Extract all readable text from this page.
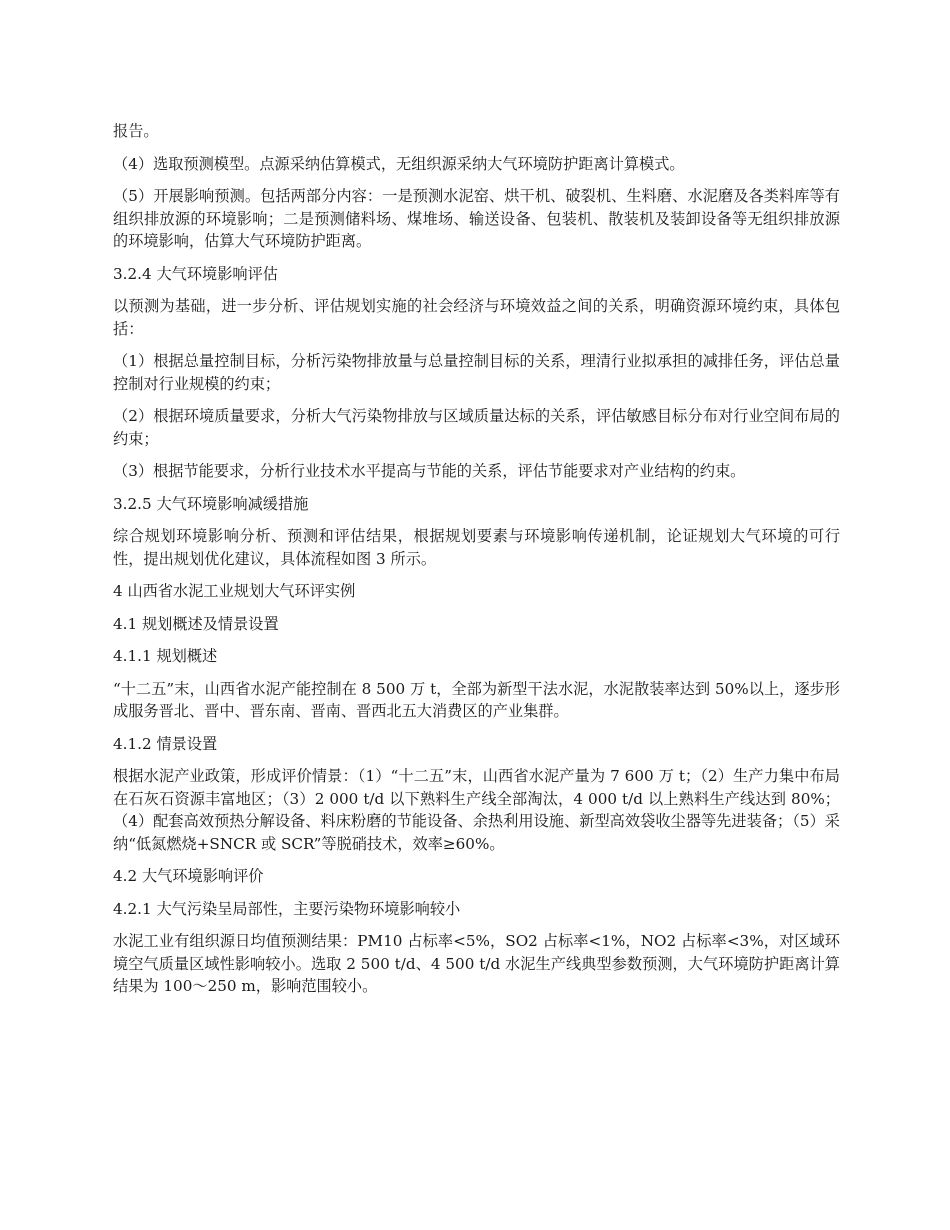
报告。

（4）选取预测模型。点源采纳估算模式，无组织源采纳大气环境防护距离计算模式。

（5）开展影响预测。包括两部分内容：一是预测水泥窑、烘干机、破裂机、生料磨、水泥磨及各类料库等有组织排放源的环境影响；二是预测储料场、煤堆场、输送设备、包装机、散装机及装卸设备等无组织排放源的环境影响，估算大气环境防护距离。

3.2.4 大气环境影响评估

以预测为基础，进一步分析、评估规划实施的社会经济与环境效益之间的关系，明确资源环境约束，具体包括：

（1）根据总量控制目标，分析污染物排放量与总量控制目标的关系，理清行业拟承担的减排任务，评估总量控制对行业规模的约束；

（2）根据环境质量要求，分析大气污染物排放与区域质量达标的关系，评估敏感目标分布对行业空间布局的约束；

（3）根据节能要求，分析行业技术水平提高与节能的关系，评估节能要求对产业结构的约束。

3.2.5 大气环境影响减缓措施

综合规划环境影响分析、预测和评估结果，根据规划要素与环境影响传递机制，论证规划大气环境的可行性，提出规划优化建议，具体流程如图 3 所示。

4 山西省水泥工业规划大气环评实例

4.1 规划概述及情景设置

4.1.1 规划概述

“十二五”末，山西省水泥产能控制在 8 500 万 t，全部为新型干法水泥，水泥散装率达到 50%以上，逐步形成服务晋北、晋中、晋东南、晋南、晋西北五大消费区的产业集群。

4.1.2 情景设置

根据水泥产业政策，形成评价情景：（1）“十二五”末，山西省水泥产量为 7 600 万 t；（2）生产力集中布局在石灰石资源丰富地区；（3）2 000 t/d 以下熟料生产线全部淘汰，4 000 t/d 以上熟料生产线达到 80%；（4）配套高效预热分解设备、料床粉磨的节能设备、余热利用设施、新型高效袋收尘器等先进装备；（5）采纳“低氮燃烧+SNCR 或 SCR”等脱硝技术，效率≥60%。

4.2 大气环境影响评价

4.2.1 大气污染呈局部性，主要污染物环境影响较小

水泥工业有组织源日均值预测结果：PM10 占标率<5%，SO2 占标率<1%，NO2 占标率<3%，对区域环境空气质量区域性影响较小。选取 2 500 t/d、4 500 t/d 水泥生产线典型参数预测，大气环境防护距离计算结果为 100～250 m，影响范围较小。
